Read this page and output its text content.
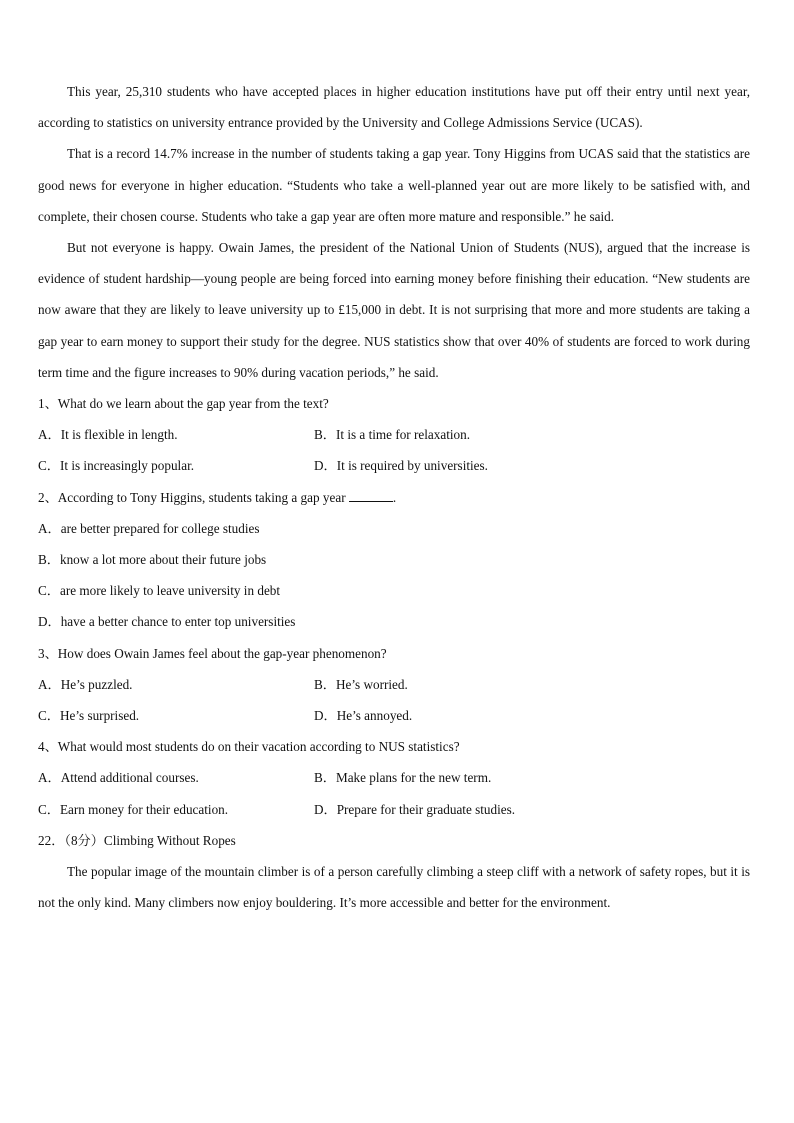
This year, 25,310 students who have accepted places in higher education institutions have put off their entry until next year, according to statistics on university entrance provided by the University and College Admissions Service (UCAS).

That is a record 14.7% increase in the number of students taking a gap year. Tony Higgins from UCAS said that the statistics are good news for everyone in higher education. “Students who take a well-planned year out are more likely to be satisfied with, and complete, their chosen course. Students who take a gap year are often more mature and responsible.” he said.

But not everyone is happy. Owain James, the president of the National Union of Students (NUS), argued that the increase is evidence of student hardship—young people are being forced into earning money before finishing their education. “New students are now aware that they are likely to leave university up to £15,000 in debt. It is not surprising that more and more students are taking a gap year to earn money to support their study for the degree. NUS statistics show that over 40% of students are forced to work during term time and the figure increases to 90% during vacation periods,” he said.

1、What do we learn about the gap year from the text?

A．It is flexible in length.	B．It is a time for relaxation.
C．It is increasingly popular.	D．It is required by universities.

2、According to Tony Higgins, students taking a gap year	.

A．are better prepared for college studies

B．know a lot more about their future jobs

C．are more likely to leave university in debt

D．have a better chance to enter top universities

3、How does Owain James feel about the gap-year phenomenon?

A．He’s puzzled.	B．He’s worried.
C．He’s surprised.	D．He’s annoyed.

4、What would most students do on their vacation according to NUS statistics?

A．Attend additional courses.	B．Make plans for the new term.
C．Earn money for their education.	D．Prepare for their graduate studies.

22．（8分）Climbing Without Ropes

The popular image of the mountain climber is of a person carefully climbing a steep cliff with a network of safety ropes, but it is not the only kind. Many climbers now enjoy bouldering. It’s more accessible and better for the environment.
